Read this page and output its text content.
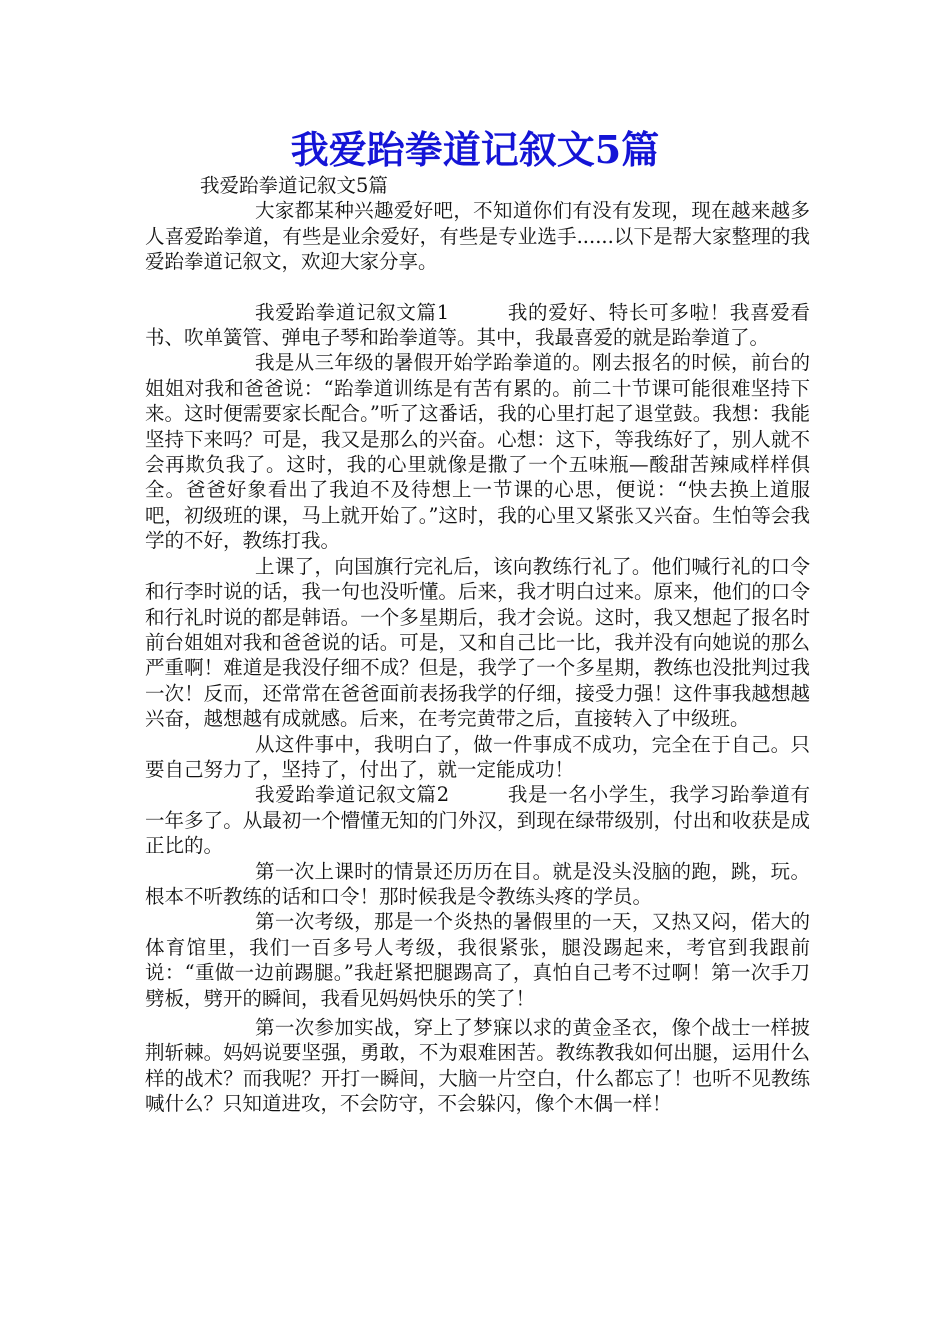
我爱跆拳道记叙文5篇

我爱跆拳道记叙文5篇

大家都某种兴趣爱好吧，不知道你们有没有发现，现在越来越多人喜爱跆拳道，有些是业余爱好，有些是专业选手......以下是帮大家整理的我爱跆拳道记叙文，欢迎大家分享。

我爱跆拳道记叙文篇1	我的爱好、特长可多啦！我喜爱看书、吹单簧管、弹电子琴和跆拳道等。其中，我最喜爱的就是跆拳道了。

我是从三年级的暑假开始学跆拳道的。刚去报名的时候，前台的姐姐对我和爸爸说：“跆拳道训练是有苦有累的。前二十节课可能很难坚持下来。这时便需要家长配合。”听了这番话，我的心里打起了退堂鼓。我想：我能坚持下来吗？可是，我又是那么的兴奋。心想：这下，等我练好了，别人就不会再欺负我了。这时，我的心里就像是撒了一个五味瓶—酸甜苦辣咸样样俱全。爸爸好象看出了我迫不及待想上一节课的心思，便说：“快去换上道服吧，初级班的课，马上就开始了。”这时，我的心里又紧张又兴奋。生怕等会我学的不好，教练打我。

上课了，向国旗行完礼后，该向教练行礼了。他们喊行礼的口令和行李时说的话，我一句也没听懂。后来，我才明白过来。原来，他们的口令和行礼时说的都是韩语。一个多星期后，我才会说。这时，我又想起了报名时前台姐姐对我和爸爸说的话。可是，又和自己比一比，我并没有向她说的那么严重啊！难道是我没仔细不成？但是，我学了一个多星期，教练也没批判过我一次！反而，还常常在爸爸面前表扬我学的仔细，接受力强！这件事我越想越兴奋，越想越有成就感。后来，在考完黄带之后，直接转入了中级班。

从这件事中，我明白了，做一件事成不成功，完全在于自己。只要自己努力了，坚持了，付出了，就一定能成功！

我爱跆拳道记叙文篇2	我是一名小学生，我学习跆拳道有一年多了。从最初一个懵懂无知的门外汉，到现在绿带级别，付出和收获是成正比的。

第一次上课时的情景还历历在目。就是没头没脑的跑，跳，玩。根本不听教练的话和口令！那时候我是令教练头疼的学员。

第一次考级，那是一个炎热的暑假里的一天，又热又闷，偌大的体育馆里，我们一百多号人考级，我很紧张，腿没踢起来，考官到我跟前说：“重做一边前踢腿。”我赶紧把腿踢高了，真怕自己考不过啊！第一次手刀劈板，劈开的瞬间，我看见妈妈快乐的笑了！

第一次参加实战，穿上了梦寐以求的黄金圣衣，像个战士一样披荆斩棘。妈妈说要坚强，勇敢，不为艰难困苦。教练教我如何出腿，运用什么样的战术？而我呢？开打一瞬间，大脑一片空白，什么都忘了！也听不见教练喊什么？只知道进攻，不会防守，不会躲闪，像个木偶一样！
